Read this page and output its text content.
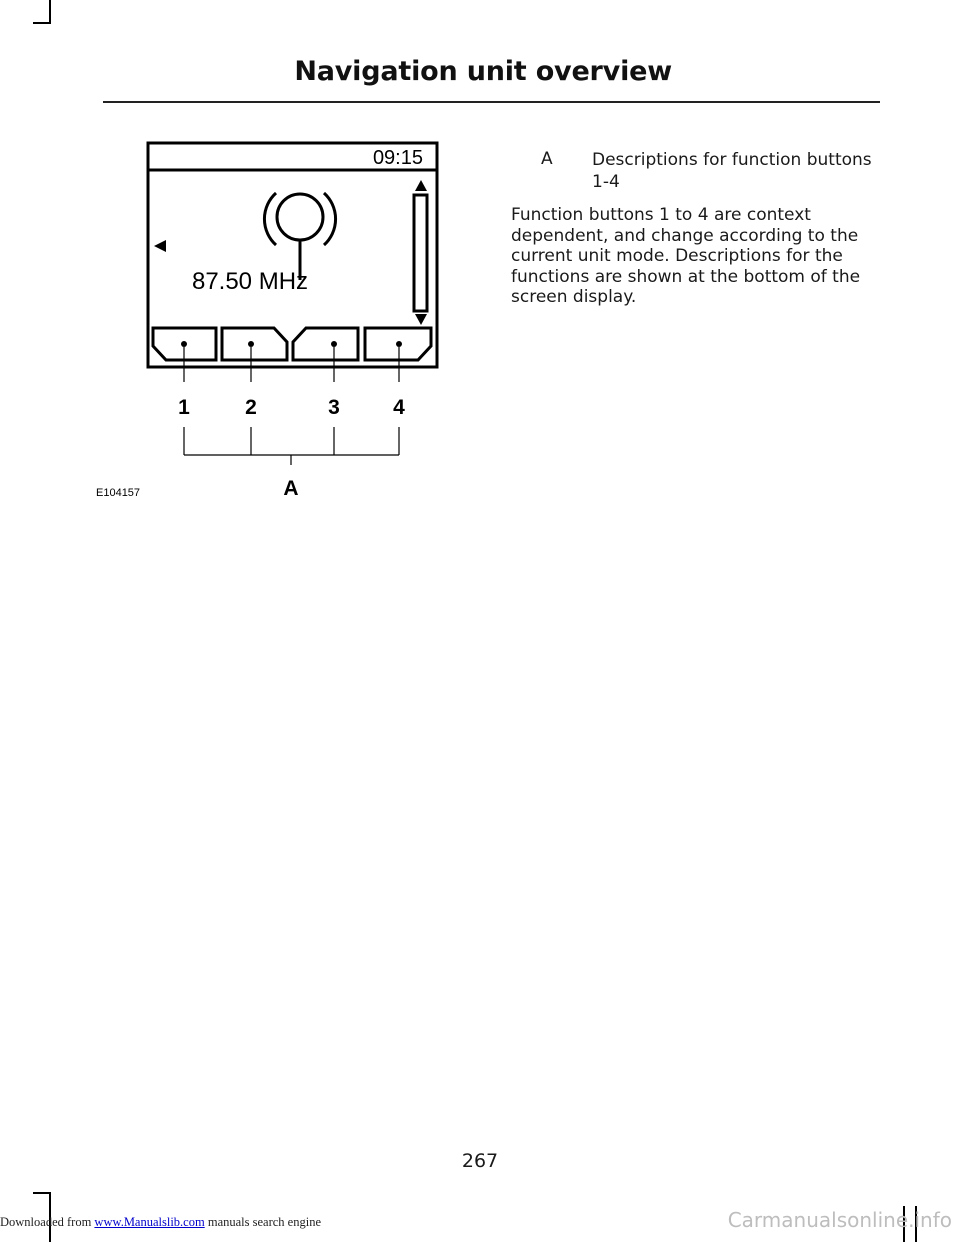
Navigation unit overview
09:15
87.50 MHz
1	2	3	4
A
E104157
A Descriptions for function buttons 1-4
Function buttons 1 to 4 are context dependent, and change according to the current unit mode. Descriptions for the functions are shown at the bottom of the screen display.
267
Downloaded from www.Manualslib.com manuals search engine	Carmanualsonline.info
